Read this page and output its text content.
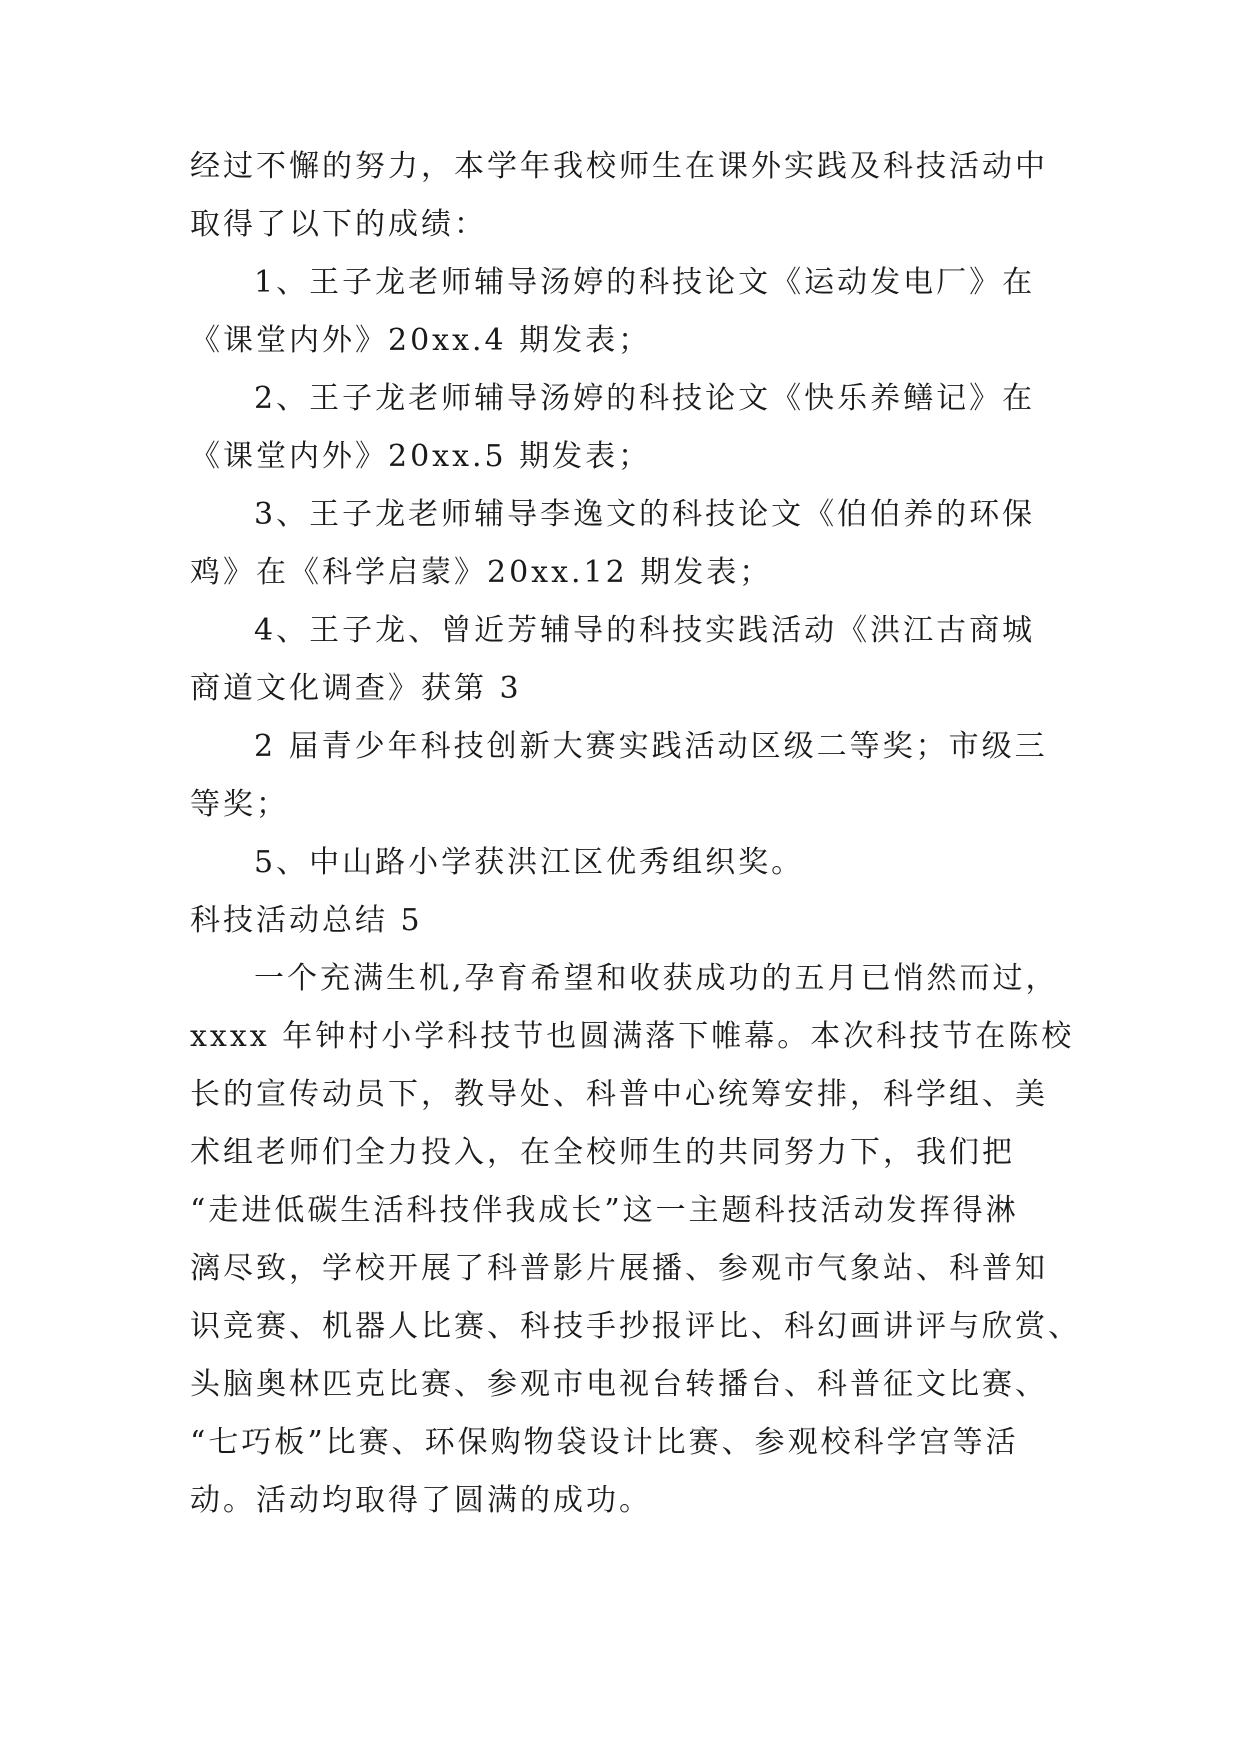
经过不懈的努力，本学年我校师生在课外实践及科技活动中
取得了以下的成绩：
1、王子龙老师辅导汤婷的科技论文《运动发电厂》在
《课堂内外》20xx.4 期发表；
2、王子龙老师辅导汤婷的科技论文《快乐养鳝记》在
《课堂内外》20xx.5 期发表；
3、王子龙老师辅导李逸文的科技论文《伯伯养的环保
鸡》在《科学启蒙》20xx.12 期发表；
4、王子龙、曾近芳辅导的科技实践活动《洪江古商城
商道文化调查》获第 3
2 届青少年科技创新大赛实践活动区级二等奖；市级三
等奖；
5、中山路小学获洪江区优秀组织奖。
科技活动总结 5
一个充满生机,孕育希望和收获成功的五月已悄然而过，
xxxx 年钟村小学科技节也圆满落下帷幕。本次科技节在陈校
长的宣传动员下，教导处、科普中心统筹安排，科学组、美
术组老师们全力投入，在全校师生的共同努力下，我们把
“走进低碳生活科技伴我成长”这一主题科技活动发挥得淋
漓尽致，学校开展了科普影片展播、参观市气象站、科普知
识竞赛、机器人比赛、科技手抄报评比、科幻画讲评与欣赏、
头脑奥林匹克比赛、参观市电视台转播台、科普征文比赛、
“七巧板”比赛、环保购物袋设计比赛、参观校科学宫等活
动。活动均取得了圆满的成功。
